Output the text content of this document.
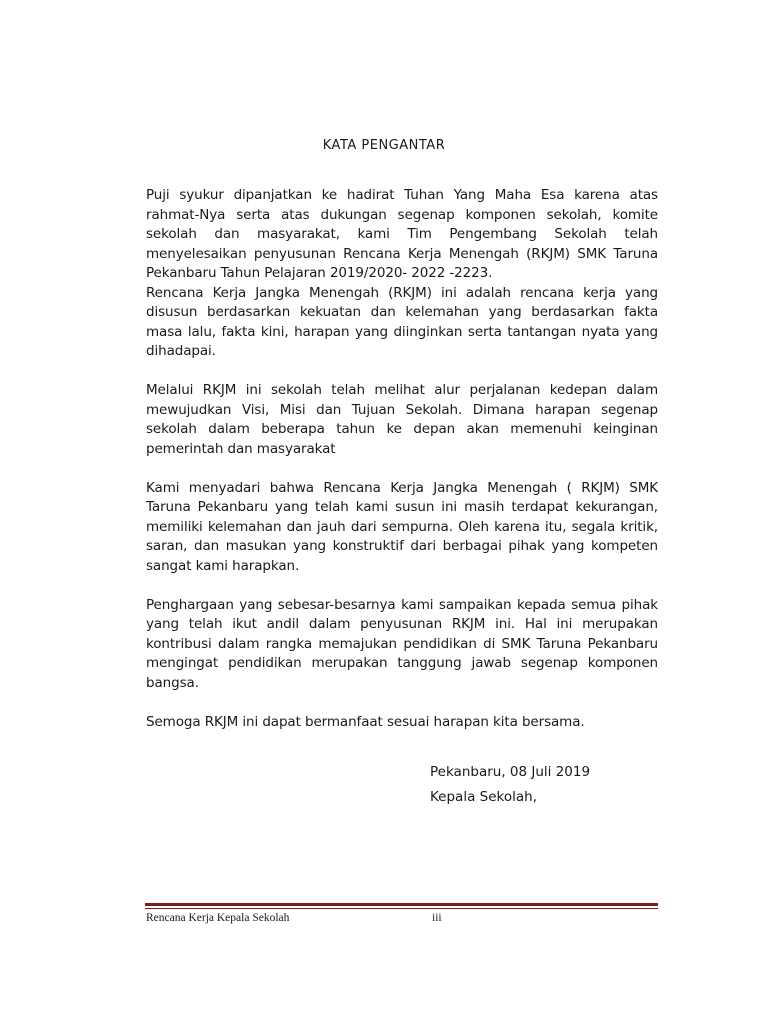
KATA PENGANTAR

Puji syukur dipanjatkan ke hadirat Tuhan Yang Maha Esa karena atas rahmat-Nya serta atas dukungan segenap komponen sekolah, komite sekolah dan masyarakat, kami Tim Pengembang Sekolah telah menyelesaikan penyusunan Rencana Kerja Menengah (RKJM) SMK Taruna Pekanbaru Tahun Pelajaran 2019/2020- 2022 -2223.

Rencana Kerja Jangka Menengah (RKJM) ini adalah rencana kerja yang disusun berdasarkan kekuatan dan kelemahan yang berdasarkan fakta masa lalu, fakta kini, harapan yang diinginkan serta tantangan nyata yang dihadapai.

Melalui RKJM ini sekolah telah melihat alur perjalanan kedepan dalam mewujudkan Visi, Misi dan Tujuan Sekolah. Dimana harapan segenap sekolah dalam beberapa tahun ke depan akan memenuhi keinginan pemerintah dan masyarakat

Kami menyadari bahwa Rencana Kerja Jangka Menengah ( RKJM) SMK Taruna Pekanbaru yang telah kami susun ini masih terdapat kekurangan, memiliki kelemahan dan jauh dari sempurna. Oleh karena itu, segala kritik, saran, dan masukan yang konstruktif dari berbagai pihak yang kompeten sangat kami harapkan.

Penghargaan yang sebesar-besarnya kami sampaikan kepada semua pihak yang telah ikut andil dalam penyusunan RKJM ini. Hal ini merupakan kontribusi dalam rangka memajukan pendidikan di SMK Taruna Pekanbaru mengingat pendidikan merupakan tanggung jawab segenap komponen bangsa.

Semoga RKJM ini dapat bermanfaat sesuai harapan kita bersama.

Pekanbaru, 08 Juli 2019
Kepala Sekolah,
Rencana Kerja Kepala Sekolah	iii
